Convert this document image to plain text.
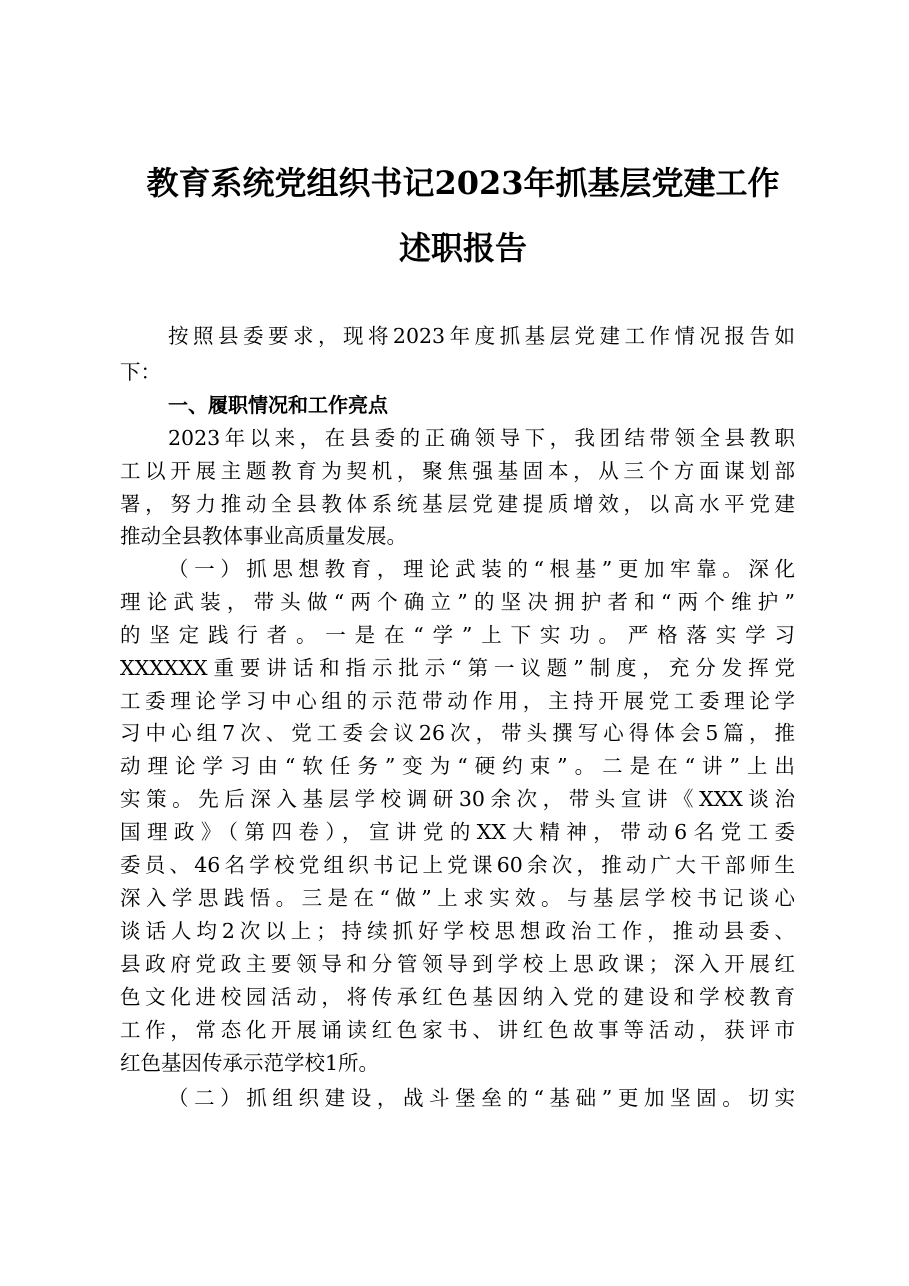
教育系统党组织书记2023年抓基层党建工作
述职报告
按照县委要求，现将2023年度抓基层党建工作情况报告如
下：
一、履职情况和工作亮点
2023年以来，在县委的正确领导下，我团结带领全县教职
工以开展主题教育为契机，聚焦强基固本，从三个方面谋划部
署，努力推动全县教体系统基层党建提质增效，以高水平党建
推动全县教体事业高质量发展。
（一）抓思想教育，理论武装的“根基”更加牢靠。深化
理论武装，带头做“两个确立”的坚决拥护者和“两个维护”
的坚定践行者。一是在“学”上下实功。严格落实学习
XXXXXX重要讲话和指示批示“第一议题”制度，充分发挥党
工委理论学习中心组的示范带动作用，主持开展党工委理论学
习中心组7次、党工委会议26次，带头撰写心得体会5篇，推
动理论学习由“软任务”变为“硬约束”。二是在“讲”上出
实策。先后深入基层学校调研30余次，带头宣讲《XXX谈治
国理政》（第四卷），宣讲党的XX大精神，带动6名党工委
委员、46名学校党组织书记上党课60余次，推动广大干部师生
深入学思践悟。三是在“做”上求实效。与基层学校书记谈心
谈话人均2次以上；持续抓好学校思想政治工作，推动县委、
县政府党政主要领导和分管领导到学校上思政课；深入开展红
色文化进校园活动，将传承红色基因纳入党的建设和学校教育
工作，常态化开展诵读红色家书、讲红色故事等活动，获评市
红色基因传承示范学校1所。
（二）抓组织建设，战斗堡垒的“基础”更加坚固。切实
